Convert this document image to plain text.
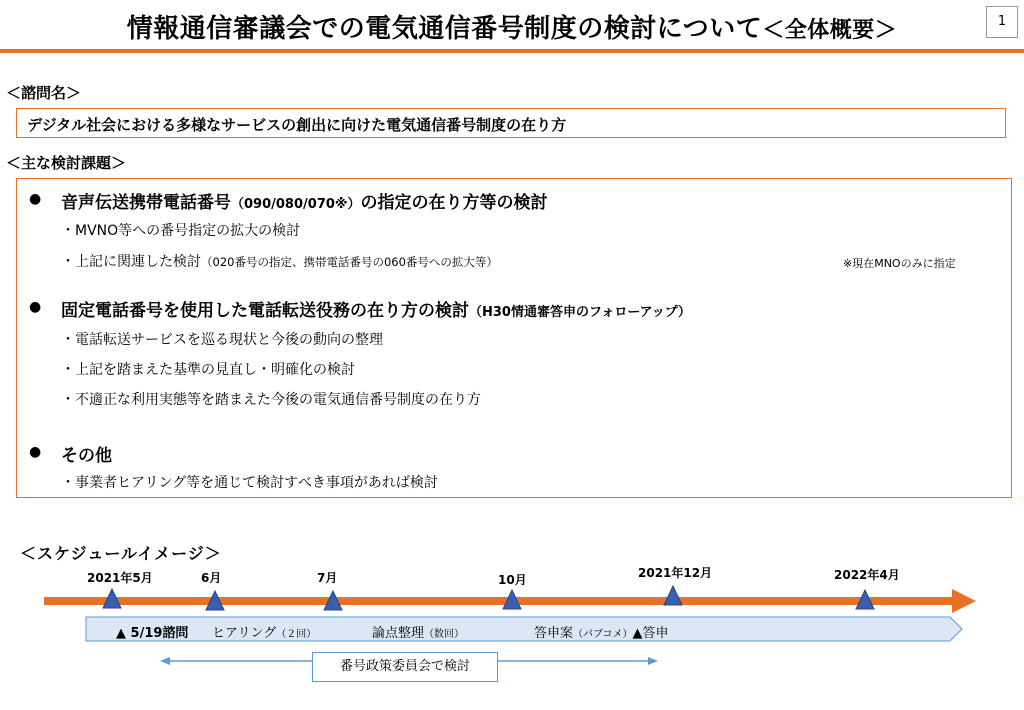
情報通信審議会での電気通信番号制度の検討について＜全体概要＞	1
＜諮問名＞
デジタル社会における多様なサービスの創出に向けた電気通信番号制度の在り方
＜主な検討課題＞
● 音声伝送携帯電話番号（090/080/070※）の指定の在り方等の検討
・MVNO等への番号指定の拡大の検討
・上記に関連した検討（020番号の指定、携帯電話番号の060番号への拡大等）	※現在MNOのみに指定
● 固定電話番号を使用した電話転送役務の在り方の検討（H30情通審答申のフォローアップ）
・電話転送サービスを巡る現状と今後の動向の整理
・上記を踏まえた基準の見直し・明確化の検討
・不適正な利用実態等を踏まえた今後の電気通信番号制度の在り方
● その他
・事業者ヒアリング等を通じて検討すべき事項があれば検討
＜スケジュールイメージ＞
2021年5月	6月	7月	10月	2021年12月	2022年4月
▲ 5/19諮問 ヒアリング（２回）	論点整理（数回）	答申案（パブコメ）▲答申
番号政策委員会で検討
